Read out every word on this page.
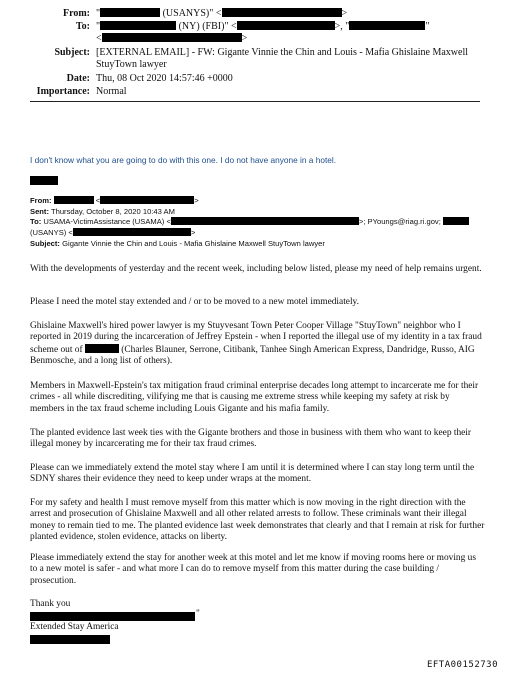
From: "	(USANYS)" <	>
To: "	(NY) (FBI)" <	>, "	"
<	>
Subject: [EXTERNAL EMAIL] - FW: Gigante Vinnie the Chin and Louis - Mafia Ghislaine Maxwell
StuyTown lawyer
Date: Thu, 08 Oct 2020 14:57:46 +0000
Importance: Normal
I don't know what you are going to do with this one. I do not have anyone in a hotel.
From:	<	>
Sent: Thursday, October 8, 2020 10:43 AM
To: USAMA-VictimAssistance (USAMA) <	>; PYoungs@riag.ri.gov;
(USANYS) <	>
Subject: Gigante Vinnie the Chin and Louis - Mafia Ghislaine Maxwell StuyTown lawyer
With the developments of yesterday and the recent week, including below listed, please my need of help remains urgent.
Please I need the motel stay extended and / or to be moved to a new motel immediately.
Ghislaine Maxwell's hired power lawyer is my Stuyvesant Town Peter Cooper Village "StuyTown" neighbor who I reported in 2019 during the incarceration of Jeffrey Epstein - when I reported the illegal use of my identity in a tax fraud scheme out of	(Charles Blauner, Serrone, Citibank, Tanhee Singh American Express, Dandridge, Russo, AIG Benmosche, and a long list of others).
Members in Maxwell-Epstein's tax mitigation fraud criminal enterprise decades long attempt to incarcerate me for their crimes - all while discrediting, vilifying me that is causing me extreme stress while keeping my safety at risk by members in the tax fraud scheme including Louis Gigante and his mafia family.
The planted evidence last week ties with the Gigante brothers and those in business with them who want to keep their illegal money by incarcerating me for their tax fraud crimes.
Please can we immediately extend the motel stay where I am until it is determined where I can stay long term until the SDNY shares their evidence they need to keep under wraps at the moment.
For my safety and health I must remove myself from this matter which is now moving in the right direction with the arrest and prosecution of Ghislaine Maxwell and all other related arrests to follow. These criminals want their illegal money to remain tied to me. The planted evidence last week demonstrates that clearly and that I remain at risk for further planted evidence, stolen evidence, attacks on liberty.
Please immediately extend the stay for another week at this motel and let me know if moving rooms here or moving us to a new motel is safer - and what more I can do to remove myself from this matter during the case building / prosecution.
Thank you
"
Extended Stay America
EFTA00152730
